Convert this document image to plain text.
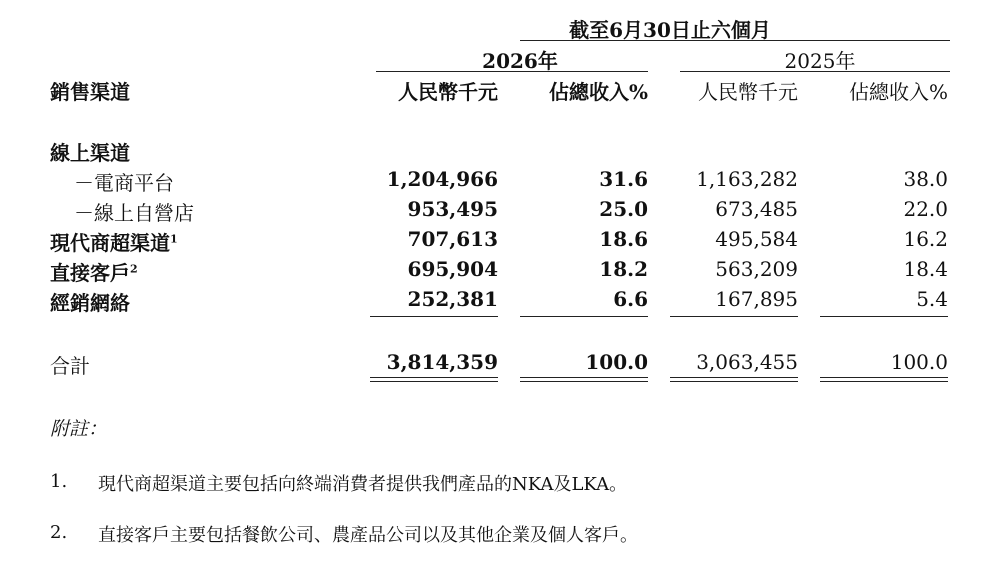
截至6月30日止六個月
2026年	2025年
銷售渠道	人民幣千元	佔總收入%	人民幣千元	佔總收入%
線上渠道
－電商平台	1,204,966	31.6	1,163,282	38.0
－線上自營店	953,495	25.0	673,485	22.0
現代商超渠道$^1$	707,613	18.6	495,584	16.2
直接客戶$^2$	695,904	18.2	563,209	18.4
經銷網絡	252,381	6.6	167,895	5.4
合計	3,814,359	100.0	3,063,455	100.0
附註：
1. 現代商超渠道主要包括向終端消費者提供我們產品的NKA及LKA。
2. 直接客戶主要包括餐飲公司、農產品公司以及其他企業及個人客戶。
